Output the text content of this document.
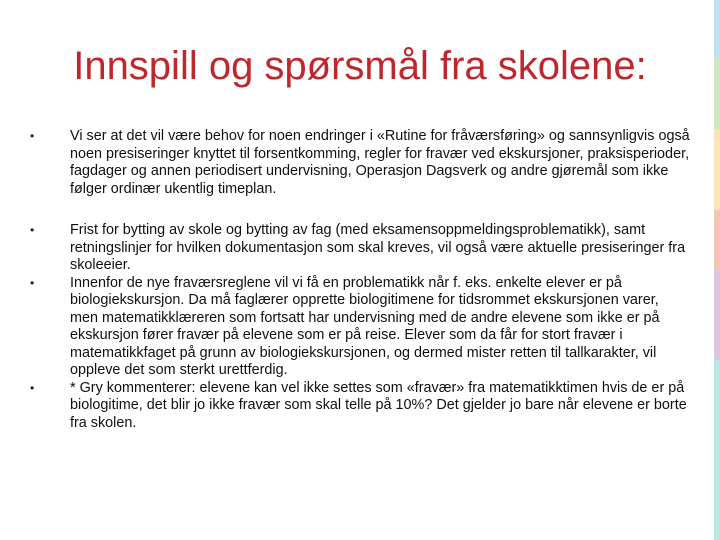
Innspill og spørsmål fra skolene:
• Vi ser at det vil være behov for noen endringer i «Rutine for fråværsføring» og sannsynligvis også noen presiseringer knyttet til forsentkomming, regler for fravær ved ekskursjoner, praksisperioder, fagdager og annen periodisert undervisning, Operasjon Dagsverk og andre gjøremål som ikke følger ordinær ukentlig timeplan.
• Frist for bytting av skole og bytting av fag (med eksamensoppmeldingsproblematikk), samt retningslinjer for hvilken dokumentasjon som skal kreves, vil også være aktuelle presiseringer fra skoleeier.
• Innenfor de nye fraværsreglene vil vi få en problematikk når f. eks. enkelte elever er på biologiekskursjon. Da må faglærer opprette biologitimene for tidsrommet ekskursjonen varer, men matematikklæreren som fortsatt har undervisning med de andre elevene som ikke er på ekskursjon fører fravær på elevene som er på reise. Elever som da får for stort fravær i matematikkfaget på grunn av biologiekskursjonen, og dermed mister retten til tallkarakter, vil oppleve det som sterkt urettferdig.
• * Gry kommenterer: elevene kan vel ikke settes som «fravær» fra matematikktimen hvis de er på biologitime, det blir jo ikke fravær som skal telle på 10%? Det gjelder jo bare når elevene er borte fra skolen.
